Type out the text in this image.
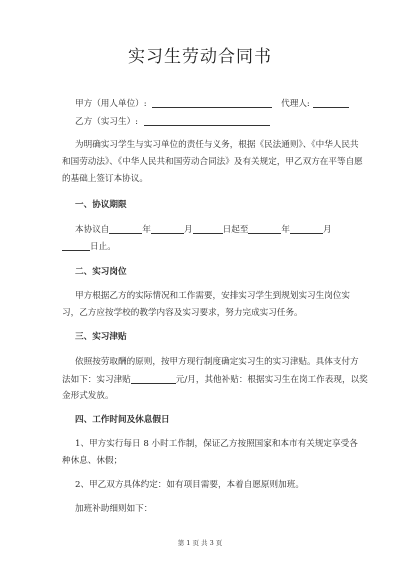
实习生劳动合同书
甲方（用人单位）:	代理人:
乙方（实习生）:
为明确实习学生与实习单位的责任与义务，根据《民法通则》、《中华人民共
和国劳动法》、《中华人民共和国劳动合同法》及有关规定，甲乙双方在平等自愿
的基础上签订本协议。
一、协议期限
本协议自	年	月	日起至	年	月
日止。
二、实习岗位
甲方根据乙方的实际情况和工作需要，安排实习学生到规划实习生岗位实
习，乙方应按学校的教学内容及实习要求，努力完成实习任务。
三、实习津贴
依照按劳取酬的原则，按甲方现行制度确定实习生的实习津贴。具体支付方
法如下：实习津贴	元/月，其他补贴：根据实习生在岗工作表现，以奖
金形式发放。
四、工作时间及休息假日
1、甲方实行每日 8 小时工作制，保证乙方按照国家和本市有关规定享受各
种休息、休假；
2、甲乙双方具体约定：如有项目需要，本着自愿原则加班。
加班补助细则如下：
第 1 页 共 3 页
